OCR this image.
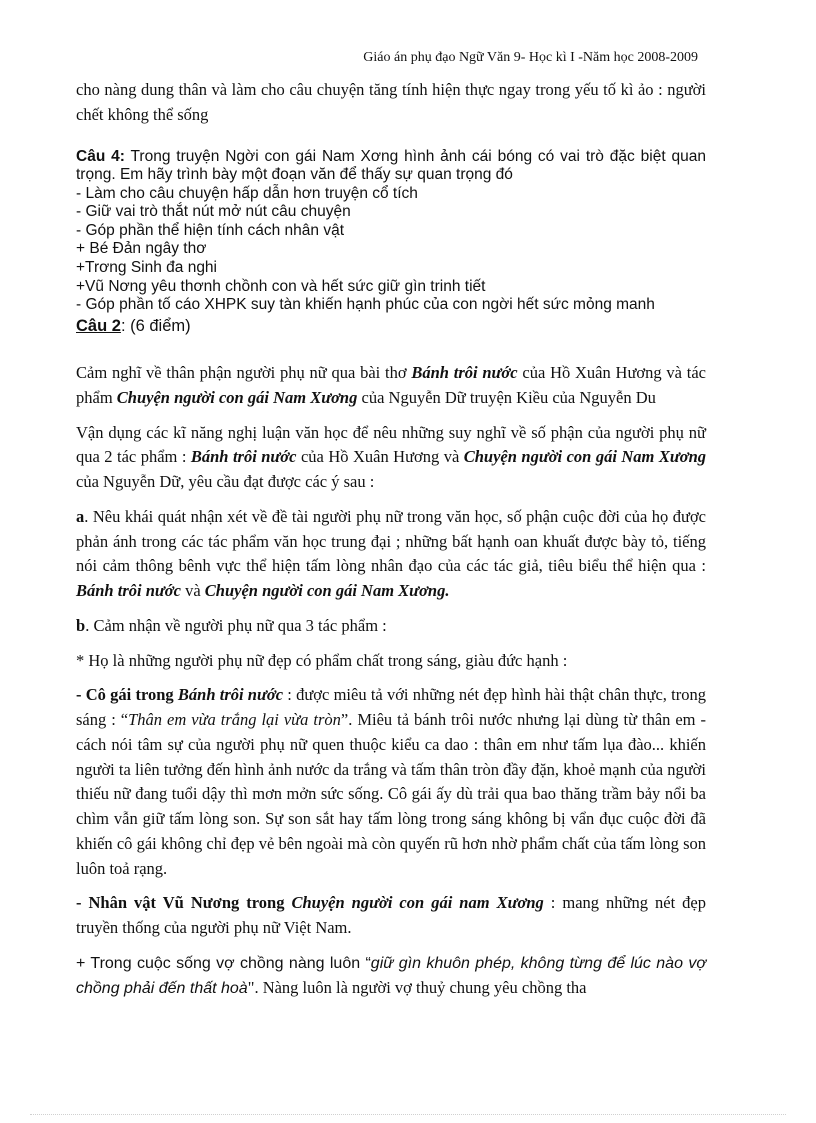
Giáo án phụ đạo Ngữ Văn 9- Học kì I -Năm học 2008-2009

cho nàng dung thân và làm cho câu chuyện tăng tính hiện thực ngay trong yếu tố kì ảo : người chết không thể sống

Câu 4: Trong truyện Ngời con gái Nam Xơng hình ảnh cái bóng có vai trò đặc biệt quan trọng. Em hãy trình bày một đoạn văn để thấy sự quan trọng đó

- Làm cho câu chuyện hấp dẫn hơn truyện cổ tích

- Giữ vai trò thắt nút mở nút câu chuyện

- Góp phần thể hiện tính cách nhân vật

+ Bé Đản ngây thơ

+Trơng Sinh đa nghi

+Vũ Nơng yêu thơnh chồnh con và hết sức giữ gìn trinh tiết

- Góp phần tố cáo XHPK suy tàn khiến hạnh phúc của con ngời hết sức mỏng manh

Câu 2: (6 điểm)

Cảm nghĩ về thân phận người phụ nữ qua bài thơ Bánh trôi nước của Hồ Xuân Hương và tác phẩm Chuyện người con gái Nam Xương của Nguyễn Dữ truyện Kiều của Nguyễn Du

Vận dụng các kĩ năng nghị luận văn học để nêu những suy nghĩ về số phận của người phụ nữ qua 2 tác phẩm : Bánh trôi nước của Hồ Xuân Hương và Chuyện người con gái Nam Xương của Nguyễn Dữ, yêu cầu đạt được các ý sau :

a. Nêu khái quát nhận xét về đề tài người phụ nữ trong văn học, số phận cuộc đời của họ được phản ánh trong các tác phẩm văn học trung đại ; những bất hạnh oan khuất được bày tỏ, tiếng nói cảm thông bênh vực thể hiện tấm lòng nhân đạo của các tác giả, tiêu biểu thể hiện qua : Bánh trôi nước và Chuyện người con gái Nam Xương.

b. Cảm nhận về người phụ nữ qua 3 tác phẩm :

* Họ là những người phụ nữ đẹp có phẩm chất trong sáng, giàu đức hạnh :

- Cô gái trong Bánh trôi nước : được miêu tả với những nét đẹp hình hài thật chân thực, trong sáng : “Thân em vừa trắng lại vừa tròn”. Miêu tả bánh trôi nước nhưng lại dùng từ thân em - cách nói tâm sự của người phụ nữ quen thuộc kiểu ca dao : thân em như tấm lụa đào... khiến người ta liên tưởng đến hình ảnh nước da trắng và tấm thân tròn đầy đặn, khoẻ mạnh của người thiếu nữ đang tuổi dậy thì mơn mởn sức sống. Cô gái ấy dù trải qua bao thăng trầm bảy nổi ba chìm vẫn giữ tấm lòng son. Sự son sắt hay tấm lòng trong sáng không bị vẩn đục cuộc đời đã khiến cô gái không chỉ đẹp vẻ bên ngoài mà còn quyến rũ hơn nhờ phẩm chất của tấm lòng son luôn toả rạng.

- Nhân vật Vũ Nương trong Chuyện người con gái nam Xương : mang những nét đẹp truyền thống của người phụ nữ Việt Nam.

+ Trong cuộc sống vợ chồng nàng luôn “giữ gìn khuôn phép, không từng để lúc nào vợ chồng phải đến thất hoà". Nàng luôn là người vợ thuỷ chung yêu chồng tha
